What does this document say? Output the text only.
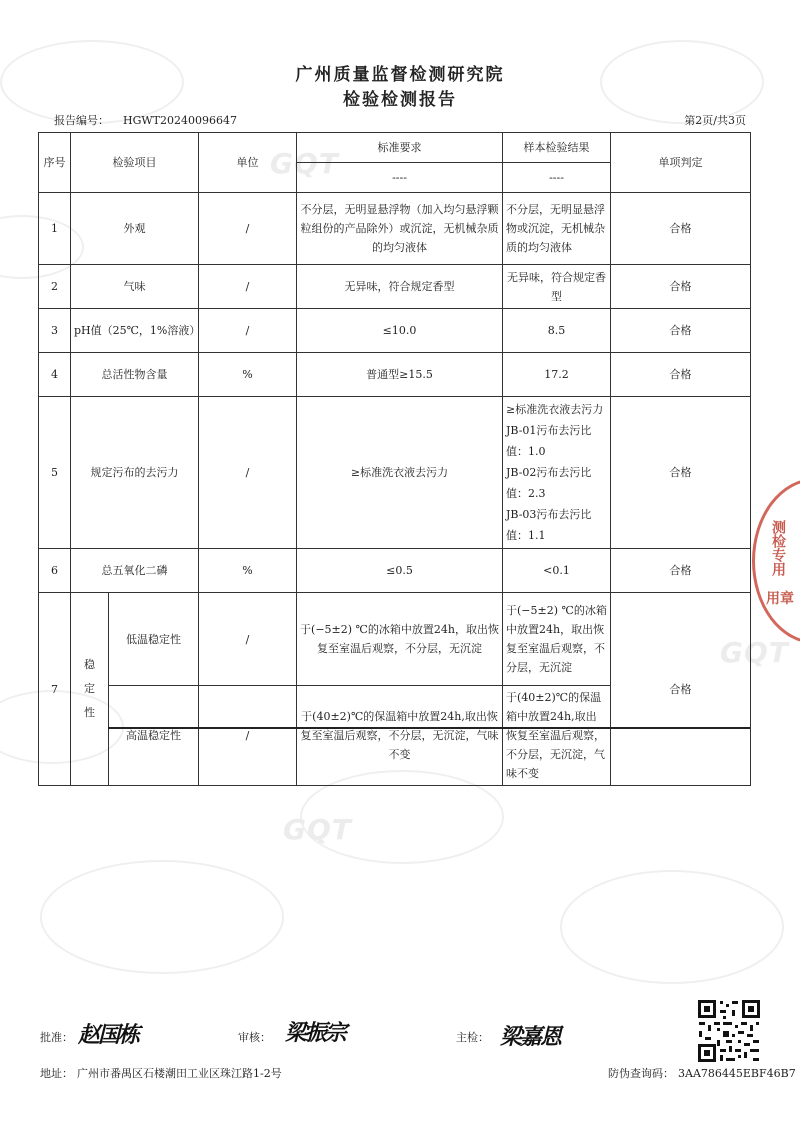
GQT
GQT
GQT
测检专用
用章
广州质量监督检测研究院
检验检测报告
报告编号： HGWT20240096647	第2页/共3页
序号	检验项目		单位	标准要求	样本检验结果	单项判定
				----	----	
1	外观		/	不分层，无明显悬浮物（加入均匀悬浮颗粒组份的产品除外）或沉淀，无机械杂质的均匀液体	不分层，无明显悬浮物或沉淀，无机械杂质的均匀液体	合格
2	气味		/	无异味，符合规定香型	无异味，符合规定香型	合格
3	pH值（25℃，1%溶液）		/	≤10.0	8.5	合格
4	总活性物含量		%	普通型≥15.5	17.2	合格
5	规定污布的去污力		/	≥标准洗衣液去污力	≥标准洗衣液去污力
JB-01污布去污比值：1.0
JB-02污布去污比值：2.3
JB-03污布去污比值：1.1	合格
6	总五氧化二磷		%	≤0.5	<0.1	合格
7	稳定性	低温稳定性	/	于(−5±2) ℃的冰箱中放置24h，取出恢复至室温后观察，不分层，无沉淀	于(−5±2) ℃的冰箱中放置24h，取出恢复至室温后观察，不分层，无沉淀	合格
		高温稳定性	/	于(40±2)℃的保温箱中放置24h,取出恢复至室温后观察，不分层，无沉淀，气味不变	于(40±2)℃的保温箱中放置24h,取出恢复至室温后观察，不分层，无沉淀，气味不变	
批准： 赵国栋	审核： 梁振宗	主检： 梁嘉恩
地址： 广州市番禺区石楼潮田工业区珠江路1-2号	防伪查询码： 3AA786445EBF46B7
